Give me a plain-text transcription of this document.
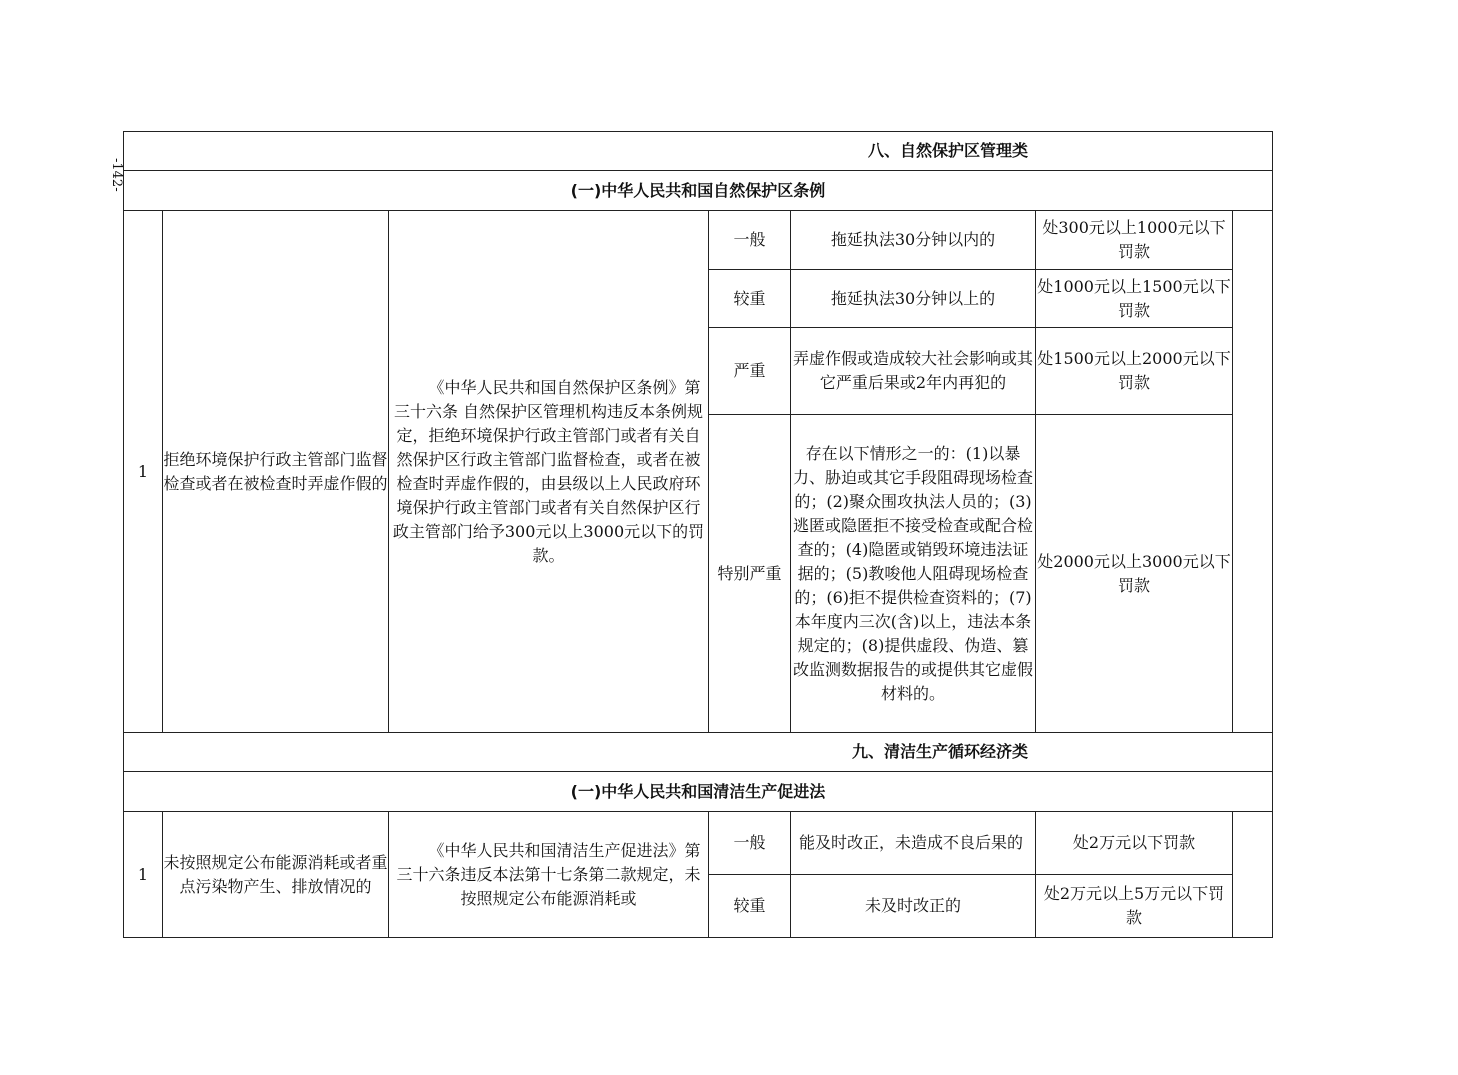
-142-
八、自然保护区管理类						
(一)中华人民共和国自然保护区条例						
1	拒绝环境保护行政主管部门监督检查或者在被检查时弄虚作假的	《中华人民共和国自然保护区条例》第三十六条 自然保护区管理机构违反本条例规定，拒绝环境保护行政主管部门或者有关自然保护区行政主管部门监督检查，或者在被检查时弄虚作假的，由县级以上人民政府环境保护行政主管部门或者有关自然保护区行政主管部门给予300元以上3000元以下的罚款。	一般	拖延执法30分钟以内的	处300元以上1000元以下罚款	
			较重	拖延执法30分钟以上的	处1000元以上1500元以下罚款	
			严重	弄虚作假或造成较大社会影响或其它严重后果或2年内再犯的	处1500元以上2000元以下罚款	
			特别严重	存在以下情形之一的：(1)以暴力、胁迫或其它手段阻碍现场检查的；(2)聚众围攻执法人员的；(3)逃匿或隐匿拒不接受检查或配合检查的；(4)隐匿或销毁环境违法证据的；(5)教唆他人阻碍现场检查的；(6)拒不提供检查资料的；(7)本年度内三次(含)以上，违法本条规定的；(8)提供虚段、伪造、篡改监测数据报告的或提供其它虚假材料的。	处2000元以上3000元以下罚款	
九、清洁生产循环经济类						
(一)中华人民共和国清洁生产促进法						
1	未按照规定公布能源消耗或者重点污染物产生、排放情况的	《中华人民共和国清洁生产促进法》第三十六条违反本法第十七条第二款规定，未按照规定公布能源消耗或	一般	能及时改正，未造成不良后果的	处2万元以下罚款	
			较重	未及时改正的	处2万元以上5万元以下罚款	
